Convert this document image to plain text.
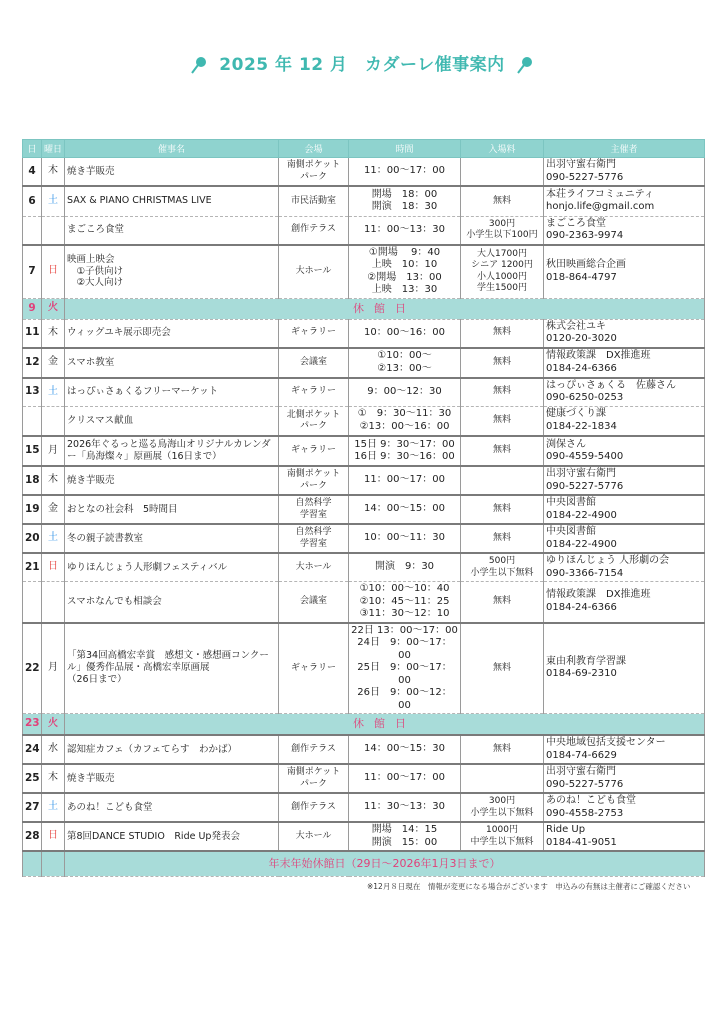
2025 年 12 月　カダーレ催事案内
日	曜日	催事名	会場	時間	入場料	主催者
4	木	焼き芋販売	南側ポケット
パーク	11：00〜17：00		出羽守蜜右衛門
090-5227-5776
6	土	SAX & PIANO CHRISTMAS LIVE	市民活動室	開場　18：00
開演　18：30	無料	本荘ライフコミュニティ
honjo.life@gmail.com
		まごころ食堂	創作テラス	11：00〜13：30	300円
小学生以下100円	まごころ食堂
090-2363-9974
7	日	映画上映会
　①子供向け
　②大人向け	大ホール	①開場　 9：40
上映　10：10
②開場　13：00
上映　13：30	大人1700円
シニア 1200円
小人1000円
学生1500円	秋田映画総合企画
018-864-4797
9	火	休館日				
11	木	ウィッグユキ展示即売会	ギャラリー	10：00〜16：00	無料	株式会社ユキ
0120-20-3020
12	金	スマホ教室	会議室	①10：00〜
②13：00〜	無料	情報政策課　DX推進班
0184-24-6366
13	土	はっぴぃさぁくるフリーマーケット	ギャラリー	9：00〜12：30	無料	はっぴぃさぁくる　佐藤さん
090-6250-0253
		クリスマス献血	北側ポケット
パーク	①　9：30〜11：30
②13：00〜16：00	無料	健康づくり課
0184-22-1834
15	月	2026年ぐるっと巡る鳥海山オリジナルカレンダー「鳥海燦々」原画展（16日まで）	ギャラリー	15日 9：30〜17：00
16日 9：30〜16：00	無料	渕保さん
090-4559-5400
18	木	焼き芋販売	南側ポケット
パーク	11：00〜17：00		出羽守蜜右衛門
090-5227-5776
19	金	おとなの社会科　5時間目	自然科学
学習室	14：00〜15：00	無料	中央図書館
0184-22-4900
20	土	冬の親子読書教室	自然科学
学習室	10：00〜11：30	無料	中央図書館
0184-22-4900
21	日	ゆりほんじょう人形劇フェスティバル	大ホール	開演　9：30	500円
小学生以下無料	ゆりほんじょう 人形劇の会
090-3366-7154
		スマホなんでも相談会	会議室	①10：00〜10：40
②10：45〜11：25
③11：30〜12：10	無料	情報政策課　DX推進班
0184-24-6366
22	月	「第34回高橋宏幸賞　感想文・感想画コンクール」優秀作品展・高橋宏幸原画展
（26日まで）	ギャラリー	22日 13：00〜17：00
24日　9：00〜17：00
25日　9：00〜17：00
26日　9：00〜12：00	無料	東由利教育学習課
0184-69-2310
23	火	休館日				
24	水	認知症カフェ（カフェてらす　わかば）	創作テラス	14：00〜15：30	無料	中央地域包括支援センター
0184-74-6629
25	木	焼き芋販売	南側ポケット
パーク	11：00〜17：00		出羽守蜜右衛門
090-5227-5776
27	土	あのね！こども食堂	創作テラス	11：30〜13：30	300円
小学生以下無料	あのね！こども食堂
090-4558-2753
28	日	第8回DANCE STUDIO　Ride Up発表会	大ホール	開場　14：15
開演　15：00	1000円
中学生以下無料	Ride Up
0184-41-9051
		年末年始休館日（29日〜2026年1月3日まで）				
※12月８日現在　情報が変更になる場合がございます　申込みの有無は主催者にご確認ください
